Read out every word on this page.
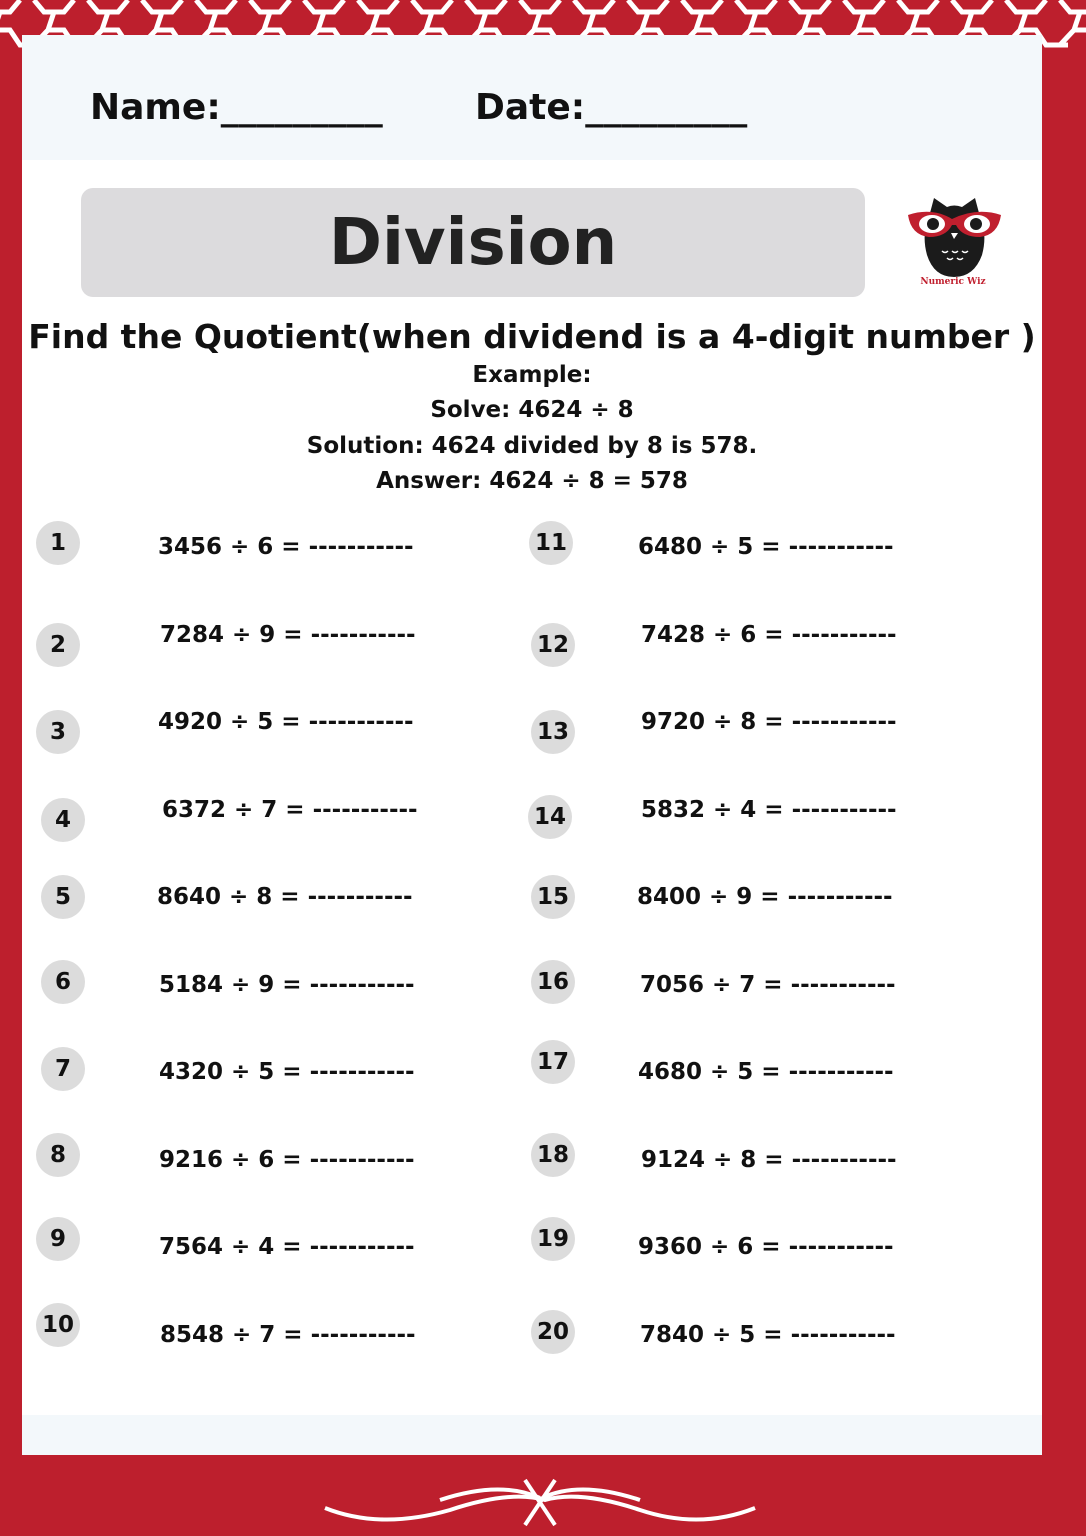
Name:_________	Date:_________
Division
Numeric Wiz
Find the Quotient(when dividend is a 4-digit number )
Example:
Solve: 4624 ÷ 8
Solution: 4624 divided by 8 is 578.
Answer: 4624 ÷ 8 = 578
1	3456 ÷ 6 = -----------
2	7284 ÷ 9 = -----------
3	4920 ÷ 5 = -----------
4	6372 ÷ 7 = -----------
5	8640 ÷ 8 = -----------
6	5184 ÷ 9 = -----------
7	4320 ÷ 5 = -----------
8	9216 ÷ 6 = -----------
9	7564 ÷ 4 = -----------
10	8548 ÷ 7 = -----------
11	6480 ÷ 5 = -----------
12	7428 ÷ 6 = -----------
13	9720 ÷ 8 = -----------
14	5832 ÷ 4 = -----------
15	8400 ÷ 9 = -----------
16	7056 ÷ 7 = -----------
17	4680 ÷ 5 = -----------
18	9124 ÷ 8 = -----------
19	9360 ÷ 6 = -----------
20	7840 ÷ 5 = -----------
